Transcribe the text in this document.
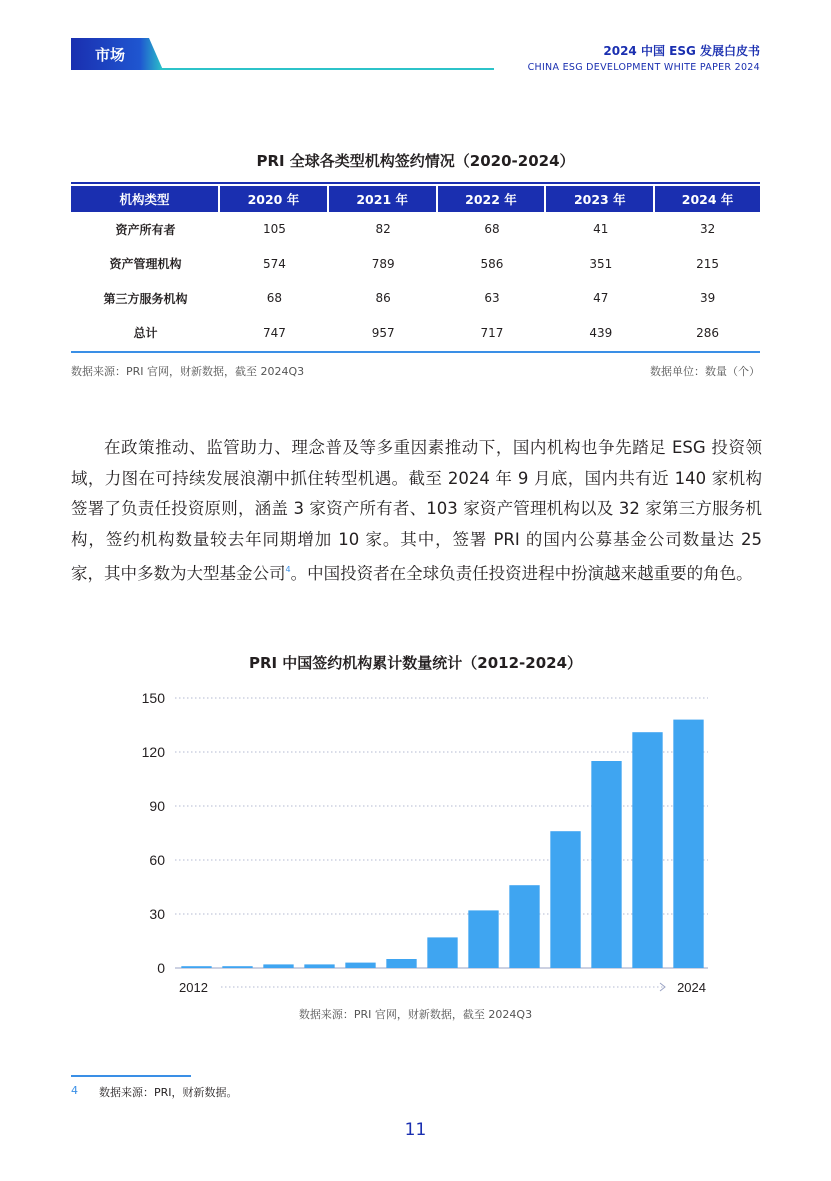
市场	2024 中国 ESG 发展白皮书
CHINA ESG DEVELOPMENT WHITE PAPER 2024
PRI 全球各类型机构签约情况（2020-2024）
机构类型	2020 年	2021 年	2022 年	2023 年	2024 年
资产所有者	105	82	68	41	32
资产管理机构	574	789	586	351	215
第三方服务机构	68	86	63	47	39
总计	747	957	717	439	286
数据来源：PRI 官网，财新数据，截至 2024Q3	数据单位：数量（个）

在政策推动、监管助力、理念普及等多重因素推动下，国内机构也争先踏足 ESG 投资领域，力图在可持续发展浪潮中抓住转型机遇。截至 2024 年 9 月底，国内共有近 140 家机构签署了负责任投资原则，涵盖 3 家资产所有者、103 家资产管理机构以及 32 家第三方服务机构，签约机构数量较去年同期增加 10 家。其中，签署 PRI 的国内公募基金公司数量达 25 家，其中多数为大型基金公司$^4$。中国投资者在全球负责任投资进程中扮演越来越重要的角色。

PRI 中国签约机构累计数量统计（2012-2024）
0
30
60
90
120
150
2012	2024
数据来源：PRI 官网，财新数据，截至 2024Q3
4 数据来源：PRI，财新数据。
11
